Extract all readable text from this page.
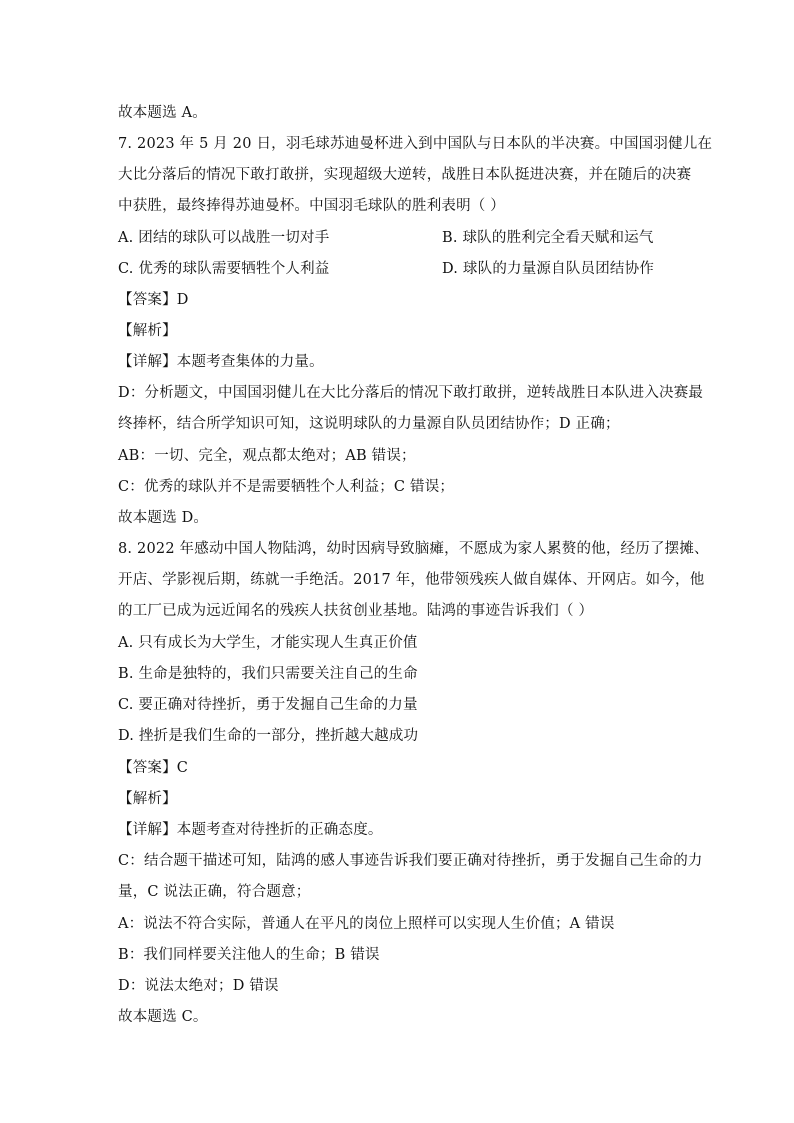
故本题选 A。
7. 2023 年 5 月 20 日，羽毛球苏迪曼杯进入到中国队与日本队的半决赛。中国国羽健儿在
大比分落后的情况下敢打敢拼，实现超级大逆转，战胜日本队挺进决赛，并在随后的决赛
中获胜，最终捧得苏迪曼杯。中国羽毛球队的胜利表明（ ）
A. 团结的球队可以战胜一切对手	B. 球队的胜利完全看天赋和运气
C. 优秀的球队需要牺牲个人利益	D. 球队的力量源自队员团结协作
【答案】D
【解析】
【详解】本题考查集体的力量。
D：分析题文，中国国羽健儿在大比分落后的情况下敢打敢拼，逆转战胜日本队进入决赛最
终捧杯，结合所学知识可知，这说明球队的力量源自队员团结协作；D 正确；
AB：一切、完全，观点都太绝对；AB 错误；
C：优秀的球队并不是需要牺牲个人利益；C 错误；
故本题选 D。
8. 2022 年感动中国人物陆鸿，幼时因病导致脑瘫，不愿成为家人累赘的他，经历了摆摊、
开店、学影视后期，练就一手绝活。2017 年，他带领残疾人做自媒体、开网店。如今，他
的工厂已成为远近闻名的残疾人扶贫创业基地。陆鸿的事迹告诉我们（ ）
A. 只有成长为大学生，才能实现人生真正价值
B. 生命是独特的，我们只需要关注自己的生命
C. 要正确对待挫折，勇于发掘自己生命的力量
D. 挫折是我们生命的一部分，挫折越大越成功
【答案】C
【解析】
【详解】本题考查对待挫折的正确态度。
C：结合题干描述可知，陆鸿的感人事迹告诉我们要正确对待挫折，勇于发掘自己生命的力
量，C 说法正确，符合题意；
A：说法不符合实际，普通人在平凡的岗位上照样可以实现人生价值；A 错误
B：我们同样要关注他人的生命；B 错误
D：说法太绝对；D 错误
故本题选 C。
